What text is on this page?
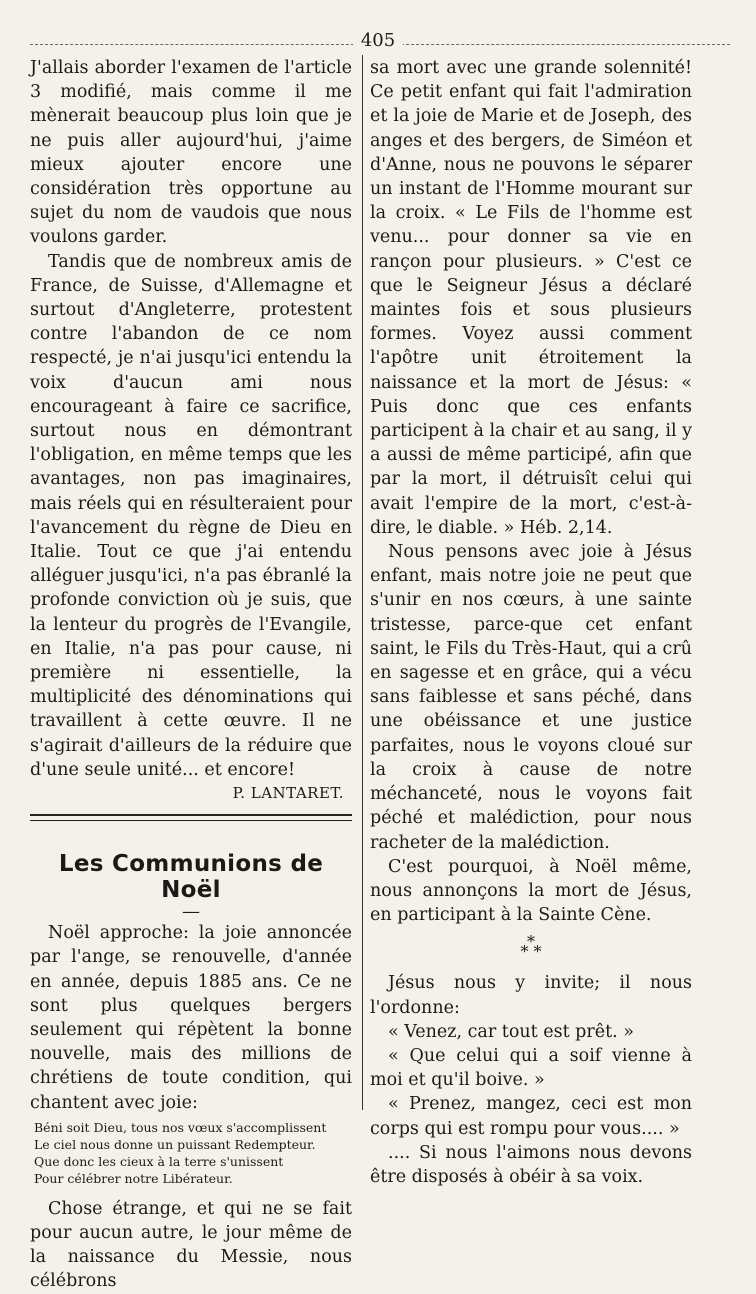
405

J'allais aborder l'examen de l'article 3 modifié, mais comme il me mènerait beaucoup plus loin que je ne puis aller aujourd'hui, j'aime mieux ajouter encore une considération très opportune au sujet du nom de vaudois que nous voulons garder.

Tandis que de nombreux amis de France, de Suisse, d'Allemagne et surtout d'Angleterre, protestent contre l'abandon de ce nom respecté, je n'ai jusqu'ici entendu la voix d'aucun ami nous encourageant à faire ce sacrifice, surtout nous en démontrant l'obligation, en même temps que les avantages, non pas imaginaires, mais réels qui en résulteraient pour l'avancement du règne de Dieu en Italie. Tout ce que j'ai entendu alléguer jusqu'ici, n'a pas ébranlé la profonde conviction où je suis, que la lenteur du progrès de l'Evangile, en Italie, n'a pas pour cause, ni première ni essentielle, la multiplicité des dénominations qui travaillent à cette œuvre. Il ne s'agirait d'ailleurs de la réduire que d'une seule unité... et encore!

P. LANTARET.

Les Communions de Noël
—

Noël approche: la joie annoncée par l'ange, se renouvelle, d'année en année, depuis 1885 ans. Ce ne sont plus quelques bergers seulement qui répètent la bonne nouvelle, mais des millions de chrétiens de toute condition, qui chantent avec joie:

Béni soit Dieu, tous nos vœux s'accomplissent
Le ciel nous donne un puissant Redempteur.
Que donc les cieux à la terre s'unissent
Pour célébrer notre Libérateur.

Chose étrange, et qui ne se fait pour aucun autre, le jour même de la naissance du Messie, nous célébrons

sa mort avec une grande solennité! Ce petit enfant qui fait l'admiration et la joie de Marie et de Joseph, des anges et des bergers, de Siméon et d'Anne, nous ne pouvons le séparer un instant de l'Homme mourant sur la croix. « Le Fils de l'homme est venu... pour donner sa vie en rançon pour plusieurs. » C'est ce que le Seigneur Jésus a déclaré maintes fois et sous plusieurs formes. Voyez aussi comment l'apôtre unit étroitement la naissance et la mort de Jésus: « Puis donc que ces enfants participent à la chair et au sang, il y a aussi de même participé, afin que par la mort, il détruisît celui qui avait l'empire de la mort, c'est-à-dire, le diable. » Héb. 2,14.

Nous pensons avec joie à Jésus enfant, mais notre joie ne peut que s'unir en nos cœurs, à une sainte tristesse, parce-que cet enfant saint, le Fils du Très-Haut, qui a crû en sagesse et en grâce, qui a vécu sans faiblesse et sans péché, dans une obéissance et une justice parfaites, nous le voyons cloué sur la croix à cause de notre méchanceté, nous le voyons fait péché et malédiction, pour nous racheter de la malédiction.

C'est pourquoi, à Noël même, nous annonçons la mort de Jésus, en participant à la Sainte Cène.

*
* *

Jésus nous y invite; il nous l'ordonne:

« Venez, car tout est prêt. »

« Que celui qui a soif vienne à moi et qu'il boive. »

« Prenez, mangez, ceci est mon corps qui est rompu pour vous.... »

.... Si nous l'aimons nous devons être disposés à obéir à sa voix.
